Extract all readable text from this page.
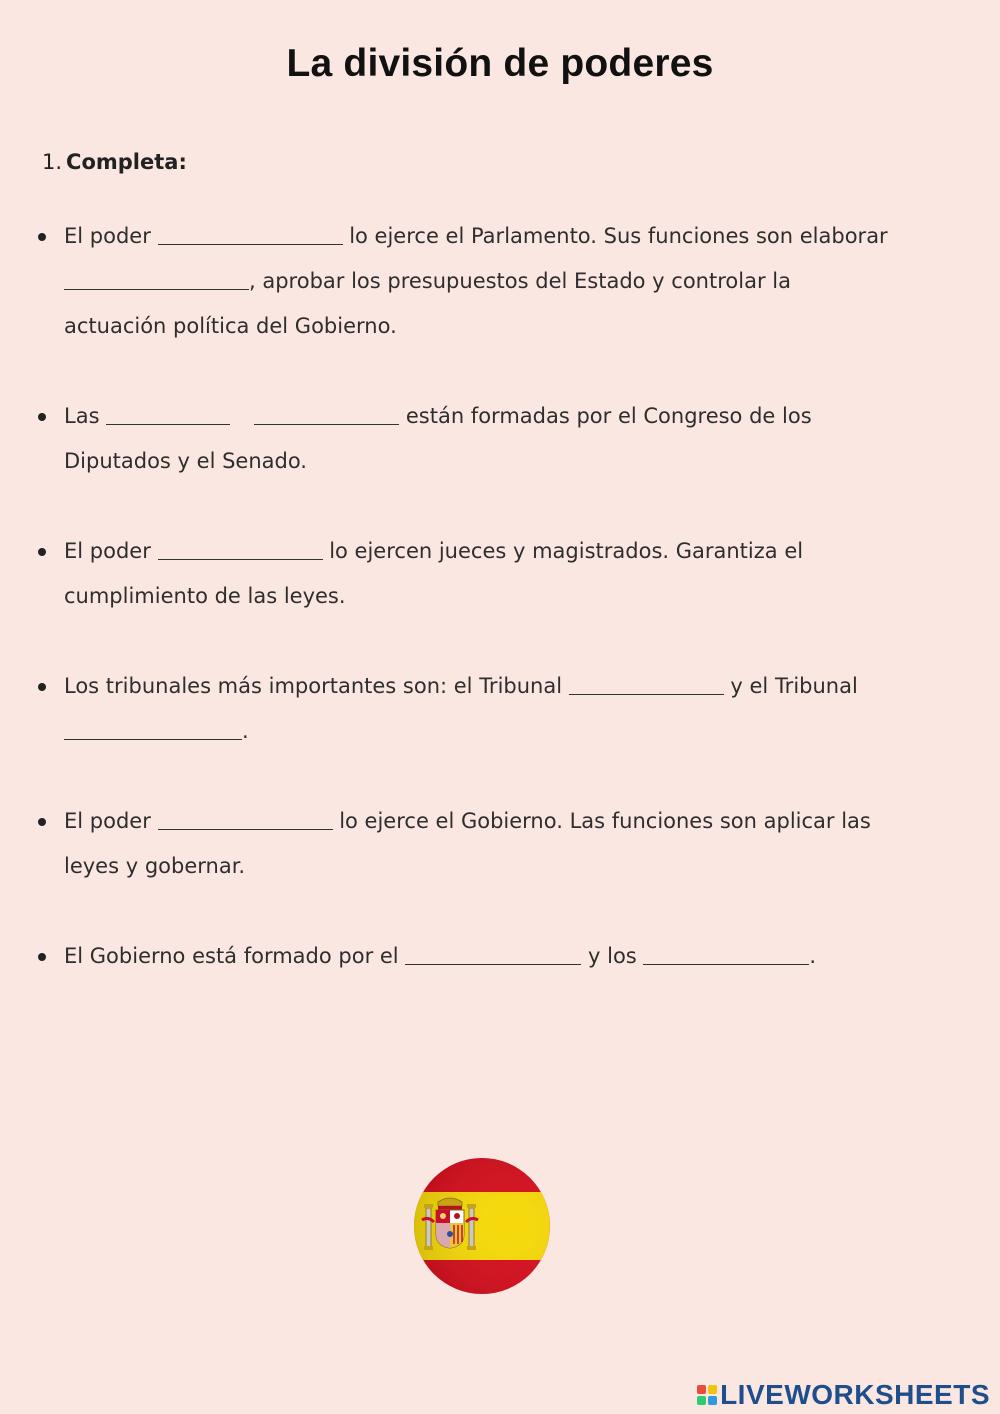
La división de poderes
1. Completa:
El poder	lo ejerce el Parlamento. Sus funciones son elaborar , aprobar los presupuestos del Estado y controlar la actuación política del Gobierno.
Las	están formadas por el Congreso de los Diputados y el Senado.
El poder	lo ejercen jueces y magistrados. Garantiza el cumplimiento de las leyes.
Los tribunales más importantes son: el Tribunal	y el Tribunal .
El poder	lo ejerce el Gobierno. Las funciones son aplicar las leyes y gobernar.
El Gobierno está formado por el	y los	.
LIVEWORKSHEETS
